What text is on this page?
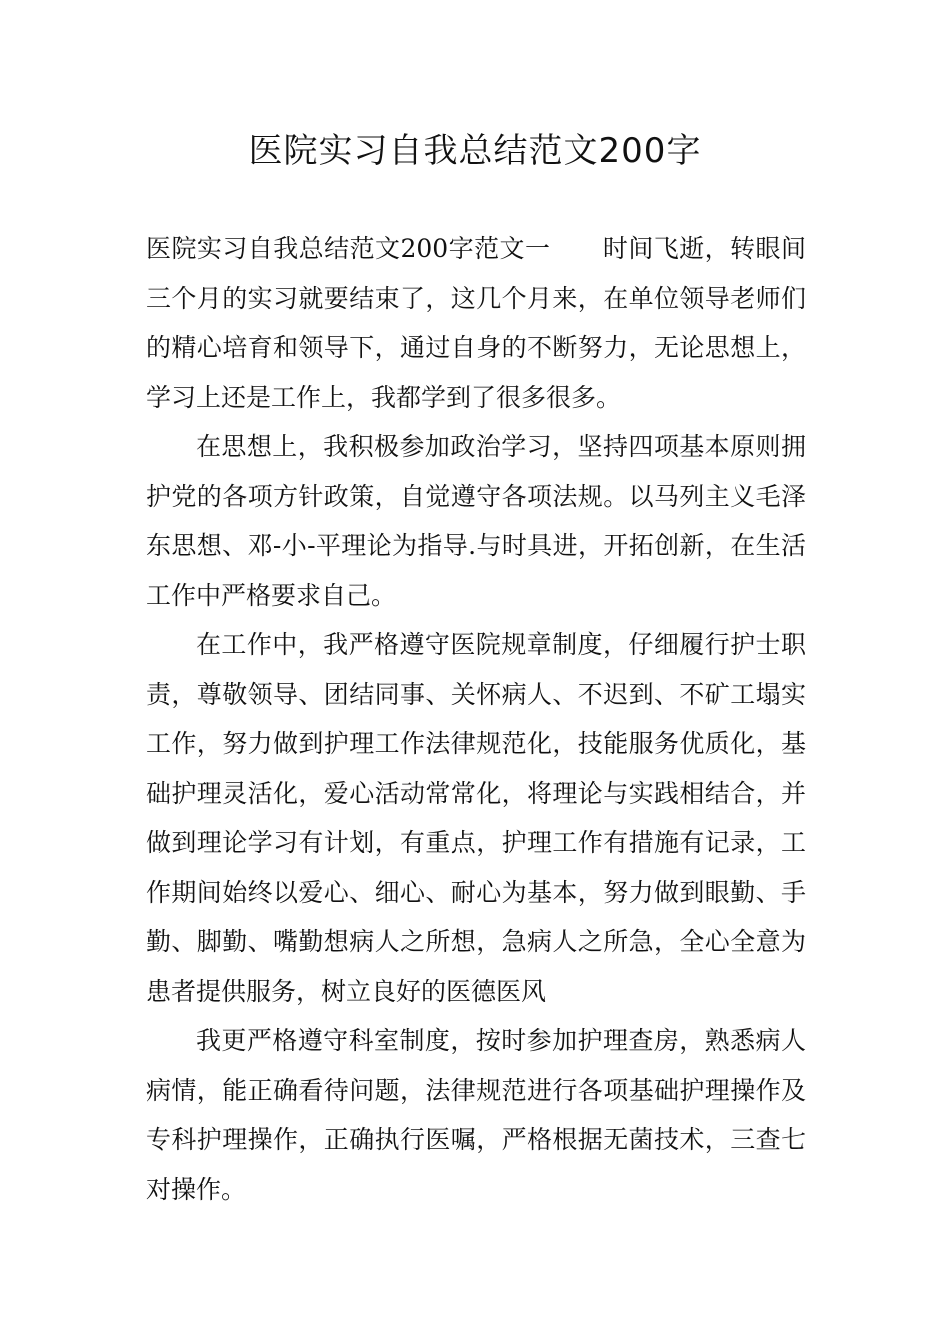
医院实习自我总结范文200字

医院实习自我总结范文200字范文一 时间飞逝，转眼间三个月的实习就要结束了，这几个月来，在单位领导老师们的精心培育和领导下，通过自身的不断努力，无论思想上，学习上还是工作上，我都学到了很多很多。

在思想上，我积极参加政治学习，坚持四项基本原则拥护党的各项方针政策，自觉遵守各项法规。以马列主义毛泽东思想、邓-小-平理论为指导.与时具进，开拓创新，在生活工作中严格要求自己。

在工作中，我严格遵守医院规章制度，仔细履行护士职责，尊敬领导、团结同事、关怀病人、不迟到、不矿工塌实工作，努力做到护理工作法律规范化，技能服务优质化，基础护理灵活化，爱心活动常常化，将理论与实践相结合，并做到理论学习有计划，有重点，护理工作有措施有记录，工作期间始终以爱心、细心、耐心为基本，努力做到眼勤、手勤、脚勤、嘴勤想病人之所想，急病人之所急，全心全意为患者提供服务，树立良好的医德医风

我更严格遵守科室制度，按时参加护理查房，熟悉病人病情，能正确看待问题，法律规范进行各项基础护理操作及专科护理操作，正确执行医嘱，严格根据无菌技术，三查七对操作。
